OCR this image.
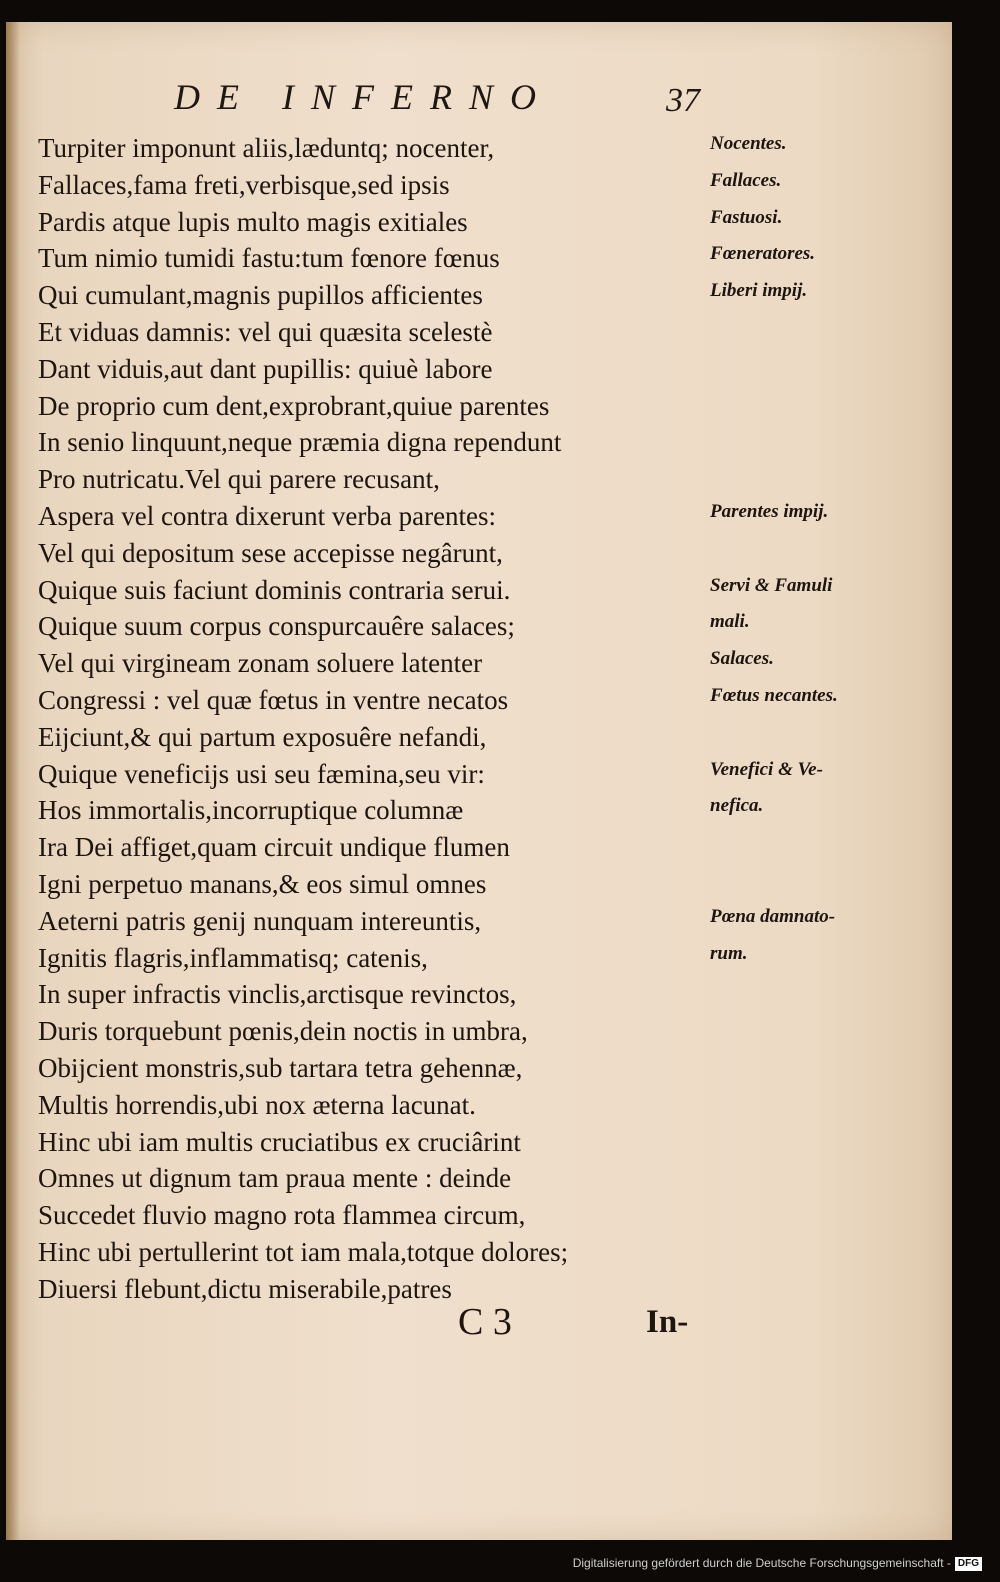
DE INFERNO	37
Turpiter imponunt aliis,læduntq; nocenter,
Fallaces,fama freti,verbisque,sed ipsis
Pardis atque lupis multo magis exitiales
Tum nimio tumidi fastu:tum fœnore fœnus
Qui cumulant,magnis pupillos afficientes
Et viduas damnis: vel qui quæsita scelestè
Dant viduis,aut dant pupillis: quiuè labore
De proprio cum dent,exprobrant,quiue parentes
In senio linquunt,neque præmia digna rependunt
Pro nutricatu.Vel qui parere recusant,
Aspera vel contra dixerunt verba parentes:
Vel qui depositum sese accepisse negârunt,
Quique suis faciunt dominis contraria serui.
Quique suum corpus conspurcauêre salaces;
Vel qui virgineam zonam soluere latenter
Congressi : vel quæ fœtus in ventre necatos
Eijciunt,& qui partum exposuêre nefandi,
Quique veneficijs usi seu fæmina,seu vir:
Hos immortalis,incorruptique columnæ
Ira Dei affiget,quam circuit undique flumen
Igni perpetuo manans,& eos simul omnes
Aeterni patris genij nunquam intereuntis,
Ignitis flagris,inflammatisq; catenis,
In super infractis vinclis,arctisque revinctos,
Duris torquebunt pœnis,dein noctis in umbra,
Obijcient monstris,sub tartara tetra gehennæ,
Multis horrendis,ubi nox æterna lacunat.
Hinc ubi iam multis cruciatibus ex cruciârint
Omnes ut dignum tam praua mente : deinde
Succedet fluvio magno rota flammea circum,
Hinc ubi pertullerint tot iam mala,totque dolores;
Diuersi flebunt,dictu miserabile,patres
Nocentes.
Fallaces.
Fastuosi.
Fœneratores.
Liberi impij.
Parentes impij.
Servi & Famuli
mali.
Salaces.
Fœtus necantes.
Venefici & Ve-
nefica.
Pœna damnato-
rum.
C 3	In-
Digitalisierung gefördert durch die Deutsche Forschungsgemeinschaft - DFG
